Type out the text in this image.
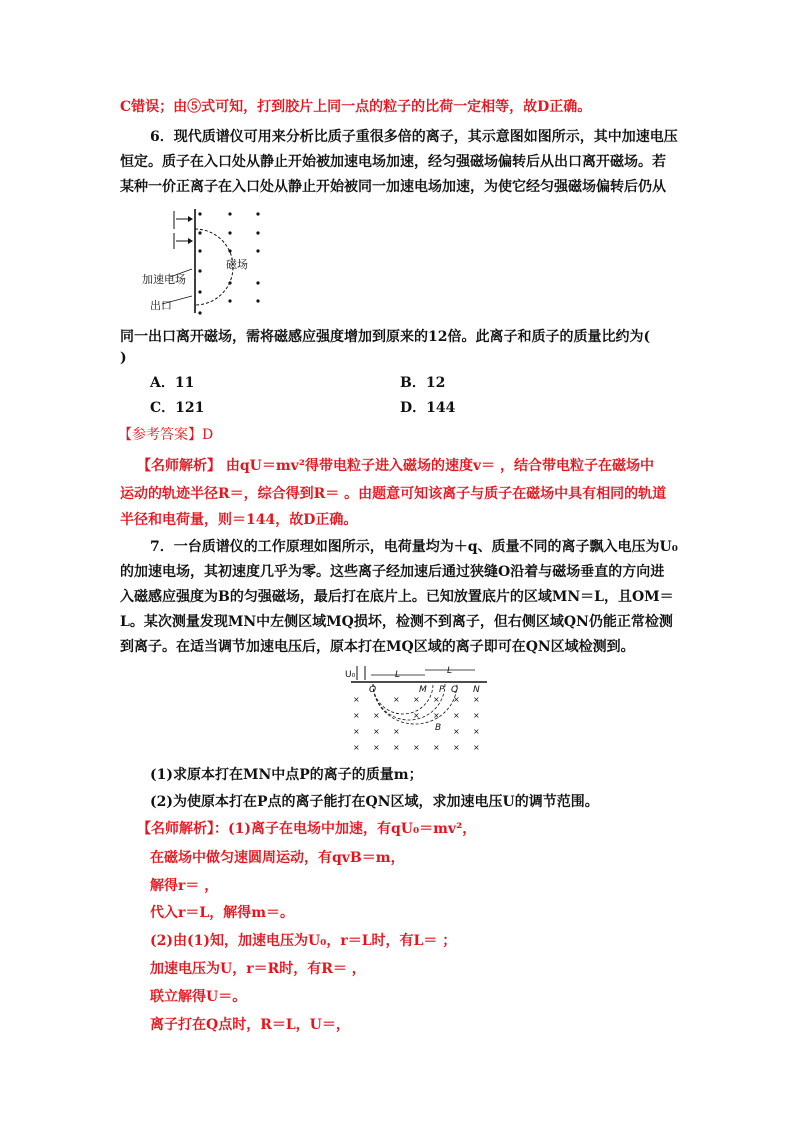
C错误；由⑤式可知，打到胶片上同一点的粒子的比荷一定相等，故D正确。
6．现代质谱仪可用来分析比质子重很多倍的离子，其示意图如图所示，其中加速电压
恒定。质子在入口处从静止开始被加速电场加速，经匀强磁场偏转后从出口离开磁场。若
某种一价正离子在入口处从静止开始被同一加速电场加速，为使它经匀强磁场偏转后仍从
加速电场
出口
磁场
同一出口离开磁场，需将磁感应强度增加到原来的12倍。此离子和质子的质量比约为(
)
A．11	B．12
C．121	D．144
【参考答案】D
【名师解析】 由qU＝mv²得带电粒子进入磁场的速度v＝ ，结合带电粒子在磁场中
运动的轨迹半径R＝，综合得到R＝ 。由题意可知该离子与质子在磁场中具有相同的轨道
半径和电荷量，则＝144，故D正确。
7．一台质谱仪的工作原理如图所示，电荷量均为＋q、质量不同的离子飘入电压为U₀
的加速电场，其初速度几乎为零。这些离子经加速后通过狭缝O沿着与磁场垂直的方向进
入磁感应强度为B的匀强磁场，最后打在底片上。已知放置底片的区域MN＝L，且OM＝
L。某次测量发现MN中左侧区域MQ损坏，检测不到离子，但右侧区域QN仍能正常检测
到离子。在适当调节加速电压后，原本打在MQ区域的离子即可在QN区域检测到。
U₀	L	L
O	M P Q N
B
×
×
×
×
×
×
×
×
×
×
×
×
×
×
×
×
×
×
×
×
×
×
×
×
(1)求原本打在MN中点P的离子的质量m；
(2)为使原本打在P点的离子能打在QN区域，求加速电压U的调节范围。
【名师解析】：(1)离子在电场中加速，有qU₀＝mv²，
在磁场中做匀速圆周运动，有qvB＝m，
解得r＝ ，
代入r＝L，解得m＝。
(2)由(1)知，加速电压为U₀，r＝L时，有L＝ ；
加速电压为U，r＝R时，有R＝ ，
联立解得U＝。
离子打在Q点时，R＝L，U＝，
